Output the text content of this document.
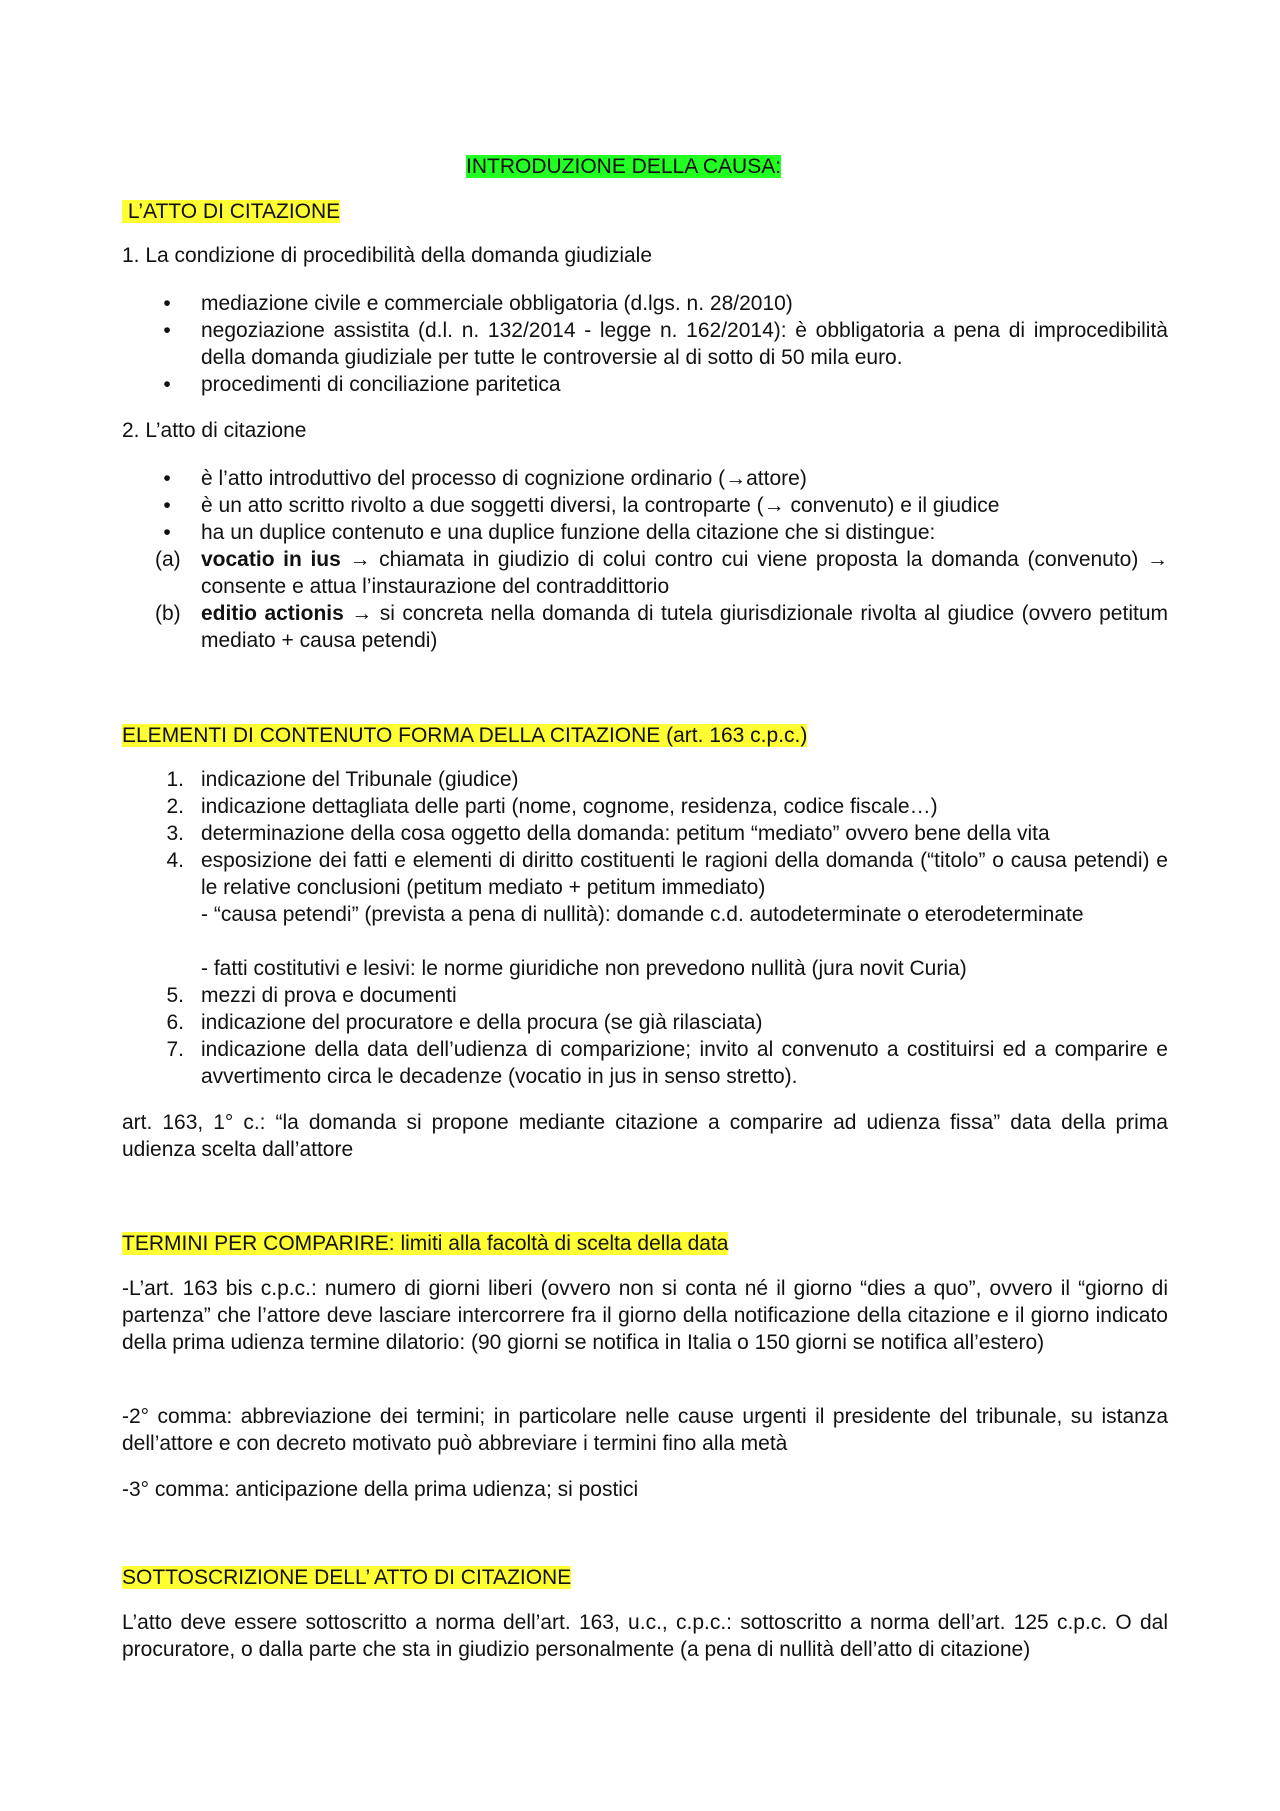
INTRODUZIONE DELLA CAUSA:
L’ATTO DI CITAZIONE
1. La condizione di procedibilità della domanda giudiziale
• mediazione civile e commerciale obbligatoria (d.lgs. n. 28/2010)
• negoziazione assistita (d.l. n. 132/2014 - legge n. 162/2014): è obbligatoria a pena di improcedibilità della domanda giudiziale per tutte le controversie al di sotto di 50 mila euro.
• procedimenti di conciliazione paritetica
2. L’atto di citazione
• è l’atto introduttivo del processo di cognizione ordinario (→attore)
• è un atto scritto rivolto a due soggetti diversi, la controparte (→ convenuto) e il giudice
• ha un duplice contenuto e una duplice funzione della citazione che si distingue:
(a) vocatio in ius → chiamata in giudizio di colui contro cui viene proposta la domanda (convenuto) → consente e attua l’instaurazione del contraddittorio
(b) editio actionis → si concreta nella domanda di tutela giurisdizionale rivolta al giudice (ovvero petitum mediato + causa petendi)
ELEMENTI DI CONTENUTO FORMA DELLA CITAZIONE (art. 163 c.p.c.)
1. indicazione del Tribunale (giudice)
2. indicazione dettagliata delle parti (nome, cognome, residenza, codice fiscale…)
3. determinazione della cosa oggetto della domanda: petitum “mediato” ovvero bene della vita
4. esposizione dei fatti e elementi di diritto costituenti le ragioni della domanda (“titolo” o causa petendi) e le relative conclusioni (petitum mediato + petitum immediato)
- “causa petendi” (prevista a pena di nullità): domande c.d. autodeterminate o eterodeterminate
- fatti costitutivi e lesivi: le norme giuridiche non prevedono nullità (jura novit Curia)
5. mezzi di prova e documenti
6. indicazione del procuratore e della procura (se già rilasciata)
7. indicazione della data dell’udienza di comparizione; invito al convenuto a costituirsi ed a comparire e avvertimento circa le decadenze (vocatio in jus in senso stretto).
art. 163, 1° c.: “la domanda si propone mediante citazione a comparire ad udienza fissa” data della prima udienza scelta dall’attore
TERMINI PER COMPARIRE: limiti alla facoltà di scelta della data
-L’art. 163 bis c.p.c.: numero di giorni liberi (ovvero non si conta né il giorno “dies a quo”, ovvero il “giorno di partenza” che l’attore deve lasciare intercorrere fra il giorno della notificazione della citazione e il giorno indicato della prima udienza termine dilatorio: (90 giorni se notifica in Italia o 150 giorni se notifica all’estero)
-2° comma: abbreviazione dei termini; in particolare nelle cause urgenti il presidente del tribunale, su istanza dell’attore e con decreto motivato può abbreviare i termini fino alla metà
-3° comma: anticipazione della prima udienza; si postici
SOTTOSCRIZIONE DELL’ ATTO DI CITAZIONE
L’atto deve essere sottoscritto a norma dell’art. 163, u.c., c.p.c.: sottoscritto a norma dell’art. 125 c.p.c. O dal procuratore, o dalla parte che sta in giudizio personalmente (a pena di nullità dell’atto di citazione)
